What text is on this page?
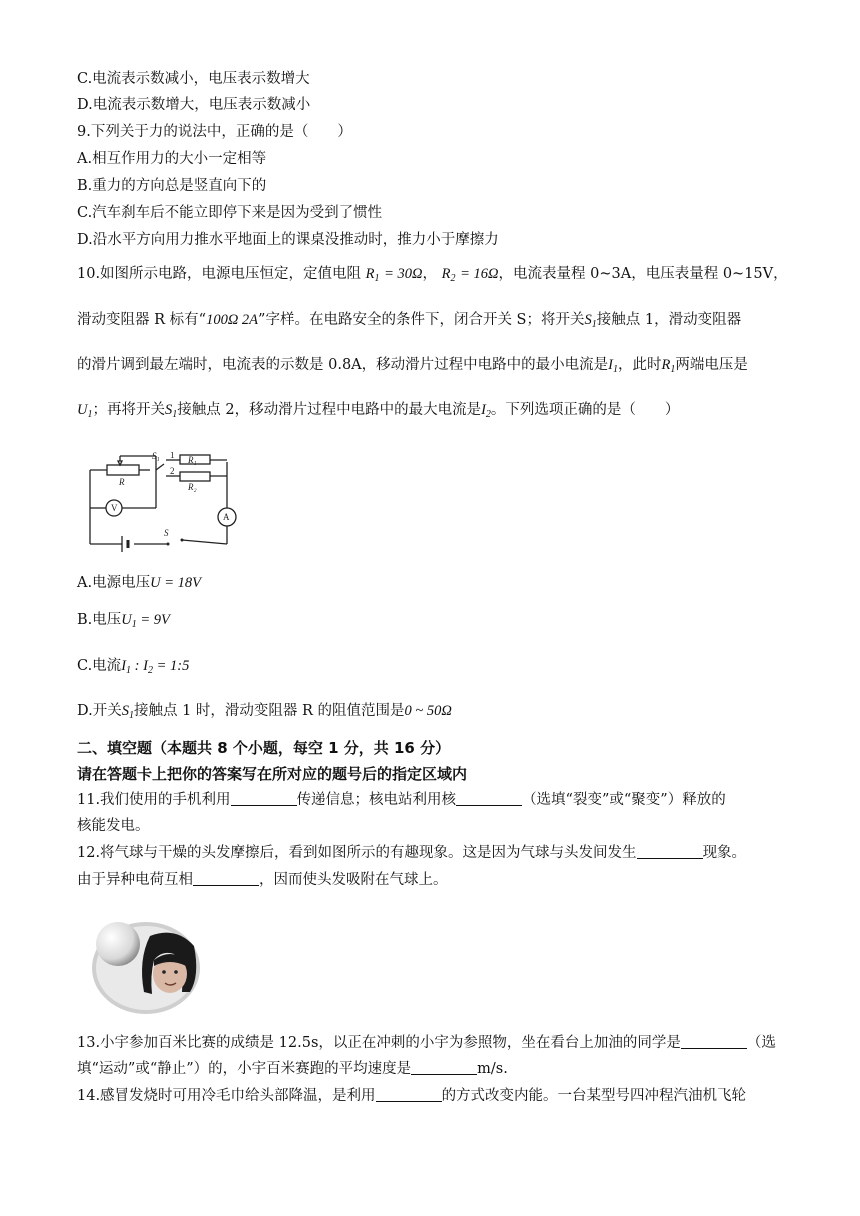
C.电流表示数减小，电压表示数增大
D.电流表示数增大，电压表示数减小
9.下列关于力的说法中，正确的是（　　）
A.相互作用力的大小一定相等
B.重力的方向总是竖直向下的
C.汽车刹车后不能立即停下来是因为受到了惯性
D.沿水平方向用力推水平地面上的课桌没推动时，推力小于摩擦力
10.如图所示电路，电源电压恒定，定值电阻 $R_1 = 30\Omega$， $R_2 = 16\Omega$，电流表量程 0~3A，电压表量程 0~15V，
滑动变阻器 R 标有“100Ω 2A”字样。在电路安全的条件下，闭合开关 S；将开关$S_1$接触点 1，滑动变阻器
的滑片调到最左端时，电流表的示数是 0.8A，移动滑片过程中电路中的最小电流是$I_1$，此时$R_1$两端电压是
$U_1$；再将开关$S_1$接触点 2，移动滑片过程中电路中的最大电流是$I_2$。下列选项正确的是（　　）
S₁ 1
2
R₁
R₂
R
V
A
S
A.电源电压U = 18V
B.电压$U_1 = 9V$
C.电流$I_1$ : $I_2$ = 1:5
D.开关$S_1$接触点 1 时，滑动变阻器 R 的阻值范围是0 ~ 50Ω
二、填空题（本题共 8 个小题，每空 1 分，共 16 分）
请在答题卡上把你的答案写在所对应的题号后的指定区域内
11.我们使用的手机利用	传递信息；核电站利用核	（选填“裂变”或“聚变”）释放的
核能发电。
12.将气球与干燥的头发摩擦后，看到如图所示的有趣现象。这是因为气球与头发间发生	现象。
由于异种电荷互相	，因而使头发吸附在气球上。
13.小宇参加百米比赛的成绩是 12.5s，以正在冲刺的小宇为参照物，坐在看台上加油的同学是	（选
填“运动”或“静止”）的，小宇百米赛跑的平均速度是	m/s.
14.感冒发烧时可用冷毛巾给头部降温，是利用	的方式改变内能。一台某型号四冲程汽油机飞轮
